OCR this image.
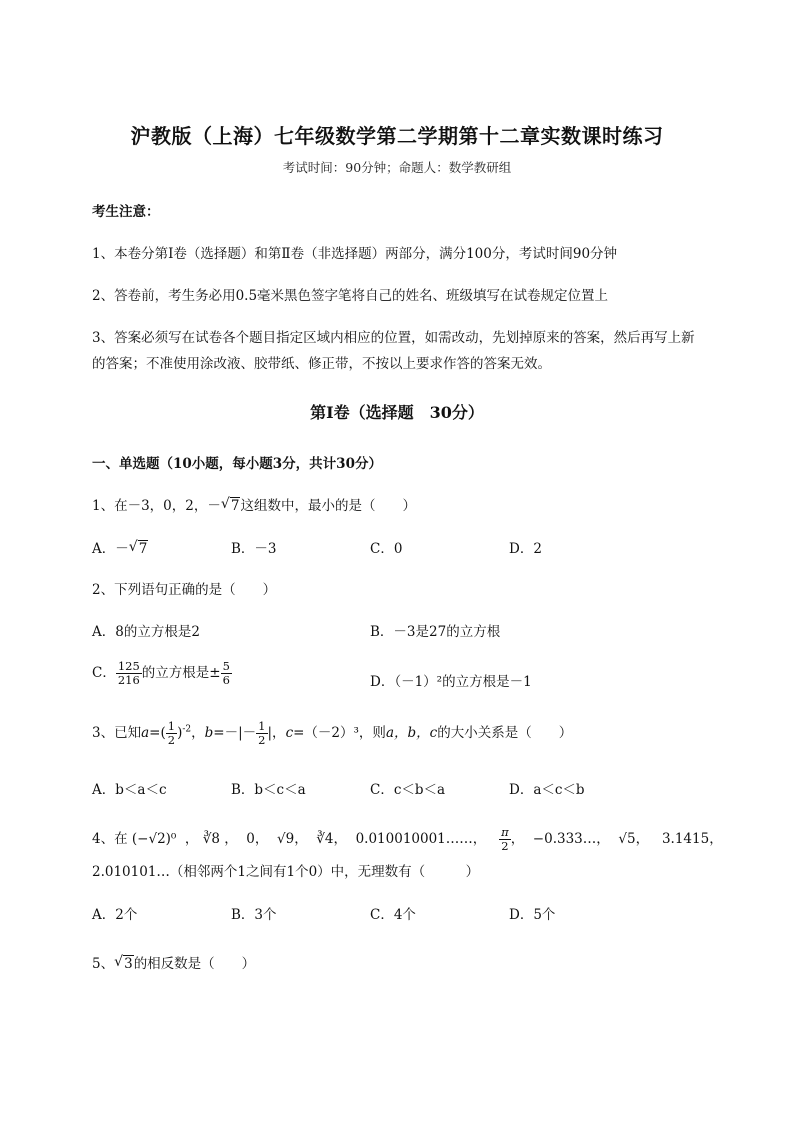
沪教版（上海）七年级数学第二学期第十二章实数课时练习
考试时间：90分钟；命题人：数学教研组
考生注意：
1、本卷分第I卷（选择题）和第Ⅱ卷（非选择题）两部分，满分100分，考试时间90分钟
2、答卷前，考生务必用0.5毫米黑色签字笔将自己的姓名、班级填写在试卷规定位置上
3、答案必须写在试卷各个题目指定区域内相应的位置，如需改动，先划掉原来的答案，然后再写上新
的答案；不准使用涂改液、胶带纸、修正带，不按以上要求作答的答案无效。
第I卷（选择题　30分）
一、单选题（10小题，每小题3分，共计30分）
1、在－3，0，2，－ √ 7这组数中，最小的是（　　）
A．－ √ 7	B．－3	C．0	D．2
2、下列语句正确的是（　　）
A．8的立方根是2	B．－3是27的立方根
C． $\frac{125}{216}$ 的立方根是± $\frac{5}{6}$	D．（－1）²的立方根是－1
3、已知$a=( \frac{1}{2} )^{-2}$，$b=-|- \frac{1}{2}$ |，c=（－2）³，则a，b，c的大小关系是（　　）
A．b＜a＜c	B．b＜c＜a	C．c＜b＜a	D．a＜c＜b
4、在 (−√2)⁰  ， ∛8 ，  0，  √9，  ∛4，  0.010010001……， $\frac{\pi}{2}$ ，  −0.333…，  √5，   3.1415，
2.010101…（相邻两个1之间有1个0）中，无理数有（　　　）
A．2个	B．3个	C．4个	D．5个
5、 √ 3的相反数是（　　）
